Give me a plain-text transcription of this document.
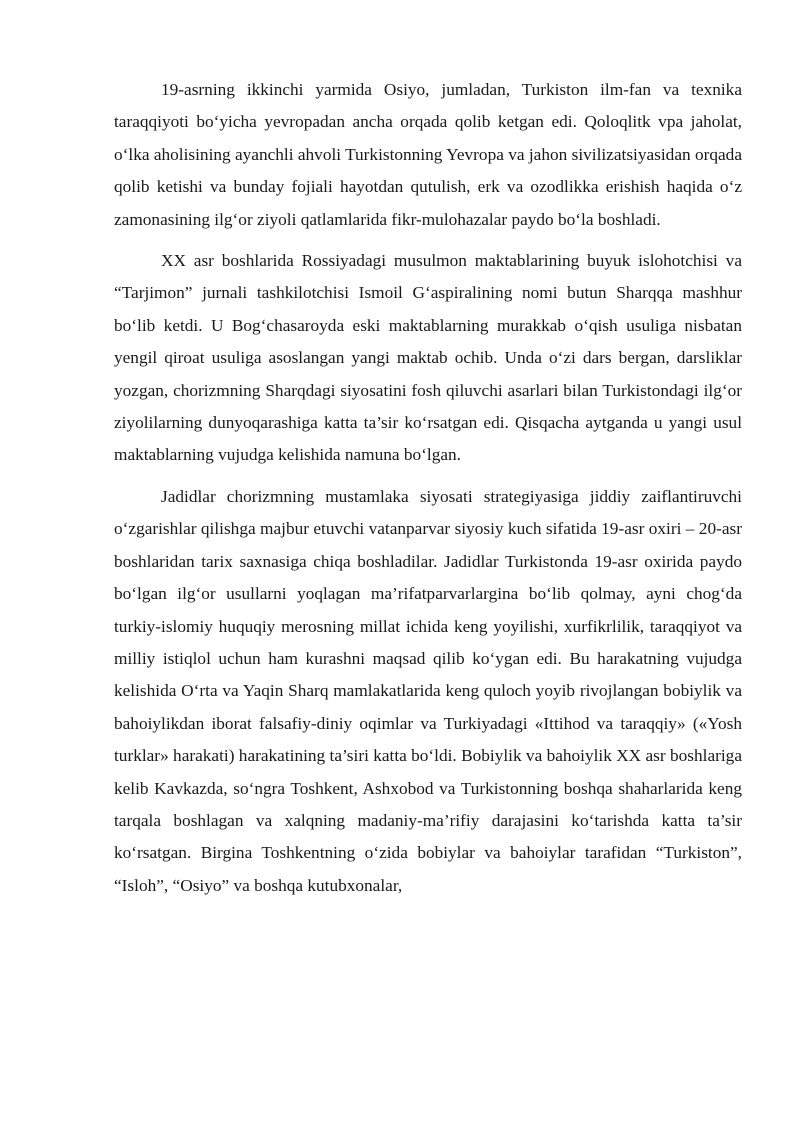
19-asrning ikkinchi yarmida Osiyo, jumladan, Turkiston ilm-fan va texnika taraqqiyoti bo‘yicha yevropadan ancha orqada qolib ketgan edi. Qoloqlitk vpa jaholat, o‘lka aholisining ayanchli ahvoli Turkistonning Yevropa va jahon sivilizatsiyasidan orqada qolib ketishi va bunday fojiali hayotdan qutulish, erk va ozodlikka erishish haqida o‘z zamonasining ilg‘or ziyoli qatlamlarida fikr-mulohazalar paydo bo‘la boshladi.

XX asr boshlarida Rossiyadagi musulmon maktablarining buyuk islohotchisi va “Tarjimon” jurnali tashkilotchisi Ismoil G‘aspiralining nomi butun Sharqqa mashhur bo‘lib ketdi. U Bog‘chasaroyda eski maktablarning murakkab o‘qish usuliga nisbatan yengil qiroat usuliga asoslangan yangi maktab ochib. Unda o‘zi dars bergan, darsliklar yozgan, chorizmning Sharqdagi siyosatini fosh qiluvchi asarlari bilan Turkistondagi ilg‘or ziyolilarning dunyoqarashiga katta ta’sir ko‘rsatgan edi. Qisqacha aytganda u yangi usul maktablarning vujudga kelishida namuna bo‘lgan.

Jadidlar chorizmning mustamlaka siyosati strategiyasiga jiddiy zaiflantiruvchi o‘zgarishlar qilishga majbur etuvchi vatanparvar siyosiy kuch sifatida 19-asr oxiri – 20-asr boshlaridan tarix saxnasiga chiqa boshladilar. Jadidlar Turkistonda 19-asr oxirida paydo bo‘lgan ilg‘or usullarni yoqlagan ma’rifatparvarlargina bo‘lib qolmay, ayni chog‘da turkiy-islomiy huquqiy merosning millat ichida keng yoyilishi, xurfikrlilik, taraqqiyot va milliy istiqlol uchun ham kurashni maqsad qilib ko‘ygan edi. Bu harakatning vujudga kelishida O‘rta va Yaqin Sharq mamlakatlarida keng quloch yoyib rivojlangan bobiylik va bahoiylikdan iborat falsafiy-diniy oqimlar va Turkiyadagi «Ittihod va taraqqiy» («Yosh turklar» harakati) harakatining ta’siri katta bo‘ldi. Bobiylik va bahoiylik XX asr boshlariga kelib Kavkazda, so‘ngra Toshkent, Ashxobod va Turkistonning boshqa shaharlarida keng tarqala boshlagan va xalqning madaniy-ma’rifiy darajasini ko‘tarishda katta ta’sir ko‘rsatgan. Birgina Toshkentning o‘zida bobiylar va bahoiylar tarafidan “Turkiston”, “Isloh”, “Osiyo” va boshqa kutubxonalar,
